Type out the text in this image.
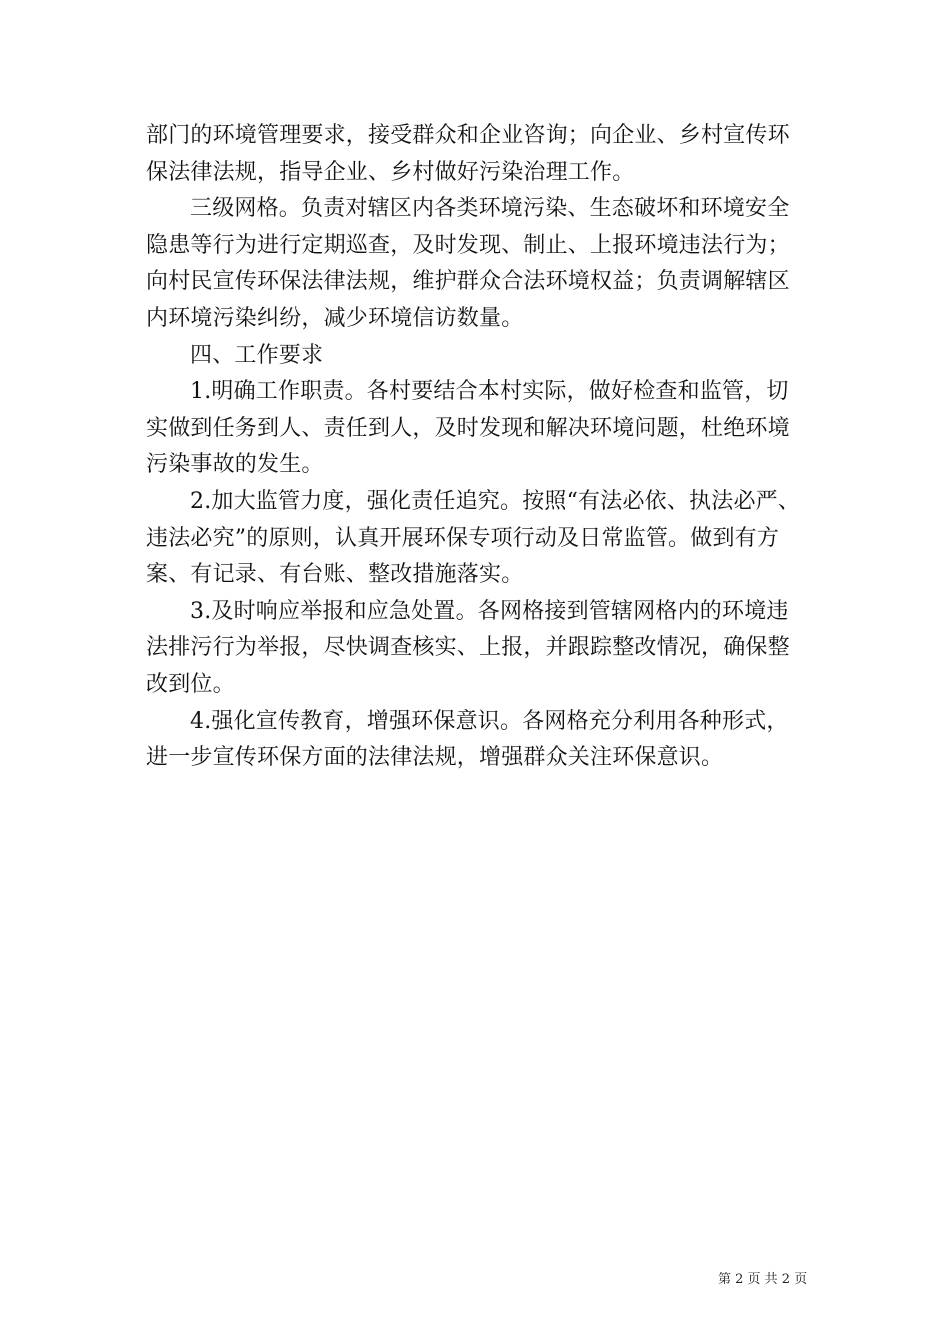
部门的环境管理要求，接受群众和企业咨询；向企业、乡村宣传环
保法律法规，指导企业、乡村做好污染治理工作。
三级网格。负责对辖区内各类环境污染、生态破坏和环境安全
隐患等行为进行定期巡查，及时发现、制止、上报环境违法行为；
向村民宣传环保法律法规，维护群众合法环境权益；负责调解辖区
内环境污染纠纷，减少环境信访数量。
四、工作要求
1.明确工作职责。各村要结合本村实际，做好检查和监管，切
实做到任务到人、责任到人，及时发现和解决环境问题，杜绝环境
污染事故的发生。
2.加大监管力度，强化责任追究。按照“有法必依、执法必严、
违法必究”的原则，认真开展环保专项行动及日常监管。做到有方
案、有记录、有台账、整改措施落实。
3.及时响应举报和应急处置。各网格接到管辖网格内的环境违
法排污行为举报，尽快调查核实、上报，并跟踪整改情况，确保整
改到位。
4.强化宣传教育，增强环保意识。各网格充分利用各种形式，
进一步宣传环保方面的法律法规，增强群众关注环保意识。
第 2 页 共 2 页
